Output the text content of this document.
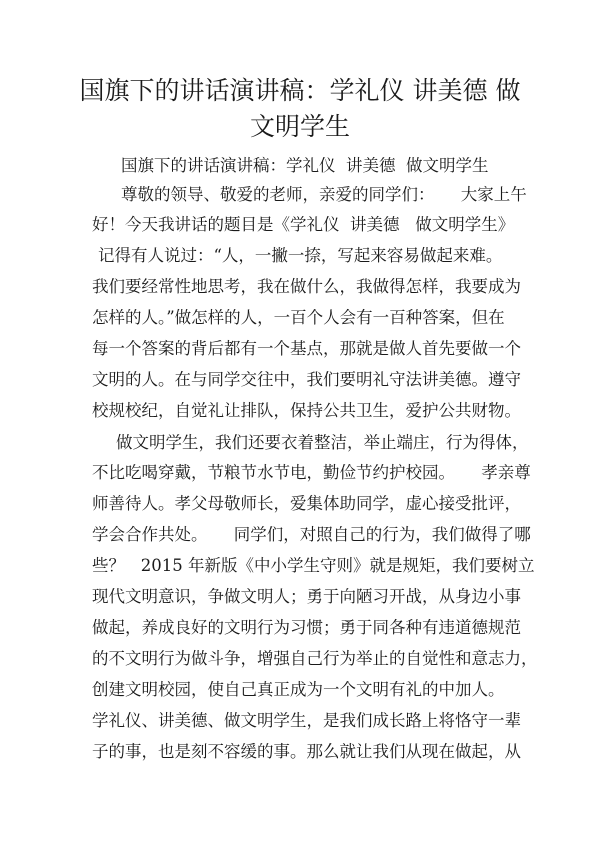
国旗下的讲话演讲稿：学礼仪 讲美德 做
文明学生

国旗下的讲话演讲稿：学礼仪  讲美德  做文明学生

尊敬的领导、敬爱的老师，亲爱的同学们：     大家上午

好！今天我讲话的题目是《学礼仪  讲美德   做文明学生》

记得有人说过：“人，一撇一捺，写起来容易做起来难。

我们要经常性地思考，我在做什么，我做得怎样，我要成为

怎样的人。”做怎样的人，一百个人会有一百种答案，但在

每一个答案的背后都有一个基点，那就是做人首先要做一个

文明的人。在与同学交往中，我们要明礼守法讲美德。遵守

校规校纪，自觉礼让排队，保持公共卫生，爱护公共财物。

做文明学生，我们还要衣着整洁，举止端庄，行为得体，

不比吃喝穿戴，节粮节水节电，勤俭节约护校园。     孝亲尊

师善待人。孝父母敬师长，爱集体助同学，虚心接受批评，

学会合作共处。     同学们，对照自己的行为，我们做得了哪

些？   2015 年新版《中小学生守则》就是规矩，我们要树立

现代文明意识，争做文明人；勇于向陋习开战，从身边小事

做起，养成良好的文明行为习惯；勇于同各种有违道德规范

的不文明行为做斗争，增强自己行为举止的自觉性和意志力，

创建文明校园，使自己真正成为一个文明有礼的中加人。

学礼仪、讲美德、做文明学生，是我们成长路上将恪守一辈

子的事，也是刻不容缓的事。那么就让我们从现在做起，从
